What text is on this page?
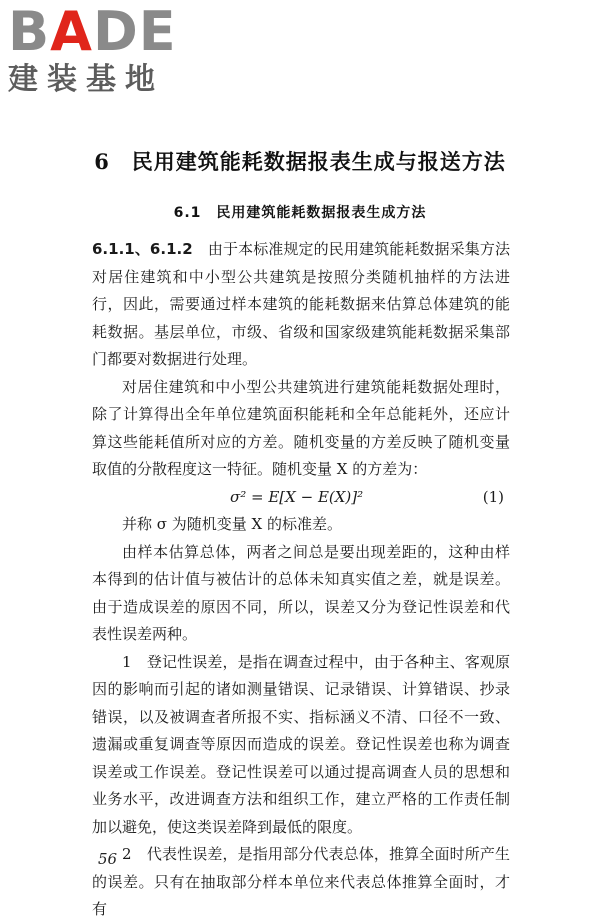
BADE
建装基地
6　民用建筑能耗数据报表生成与报送方法
6.1　民用建筑能耗数据报表生成方法

6.1.1、6.1.2　由于本标准规定的民用建筑能耗数据采集方法对居住建筑和中小型公共建筑是按照分类随机抽样的方法进行，因此，需要通过样本建筑的能耗数据来估算总体建筑的能耗数据。基层单位，市级、省级和国家级建筑能耗数据采集部门都要对数据进行处理。

对居住建筑和中小型公共建筑进行建筑能耗数据处理时，除了计算得出全年单位建筑面积能耗和全年总能耗外，还应计算这些能耗值所对应的方差。随机变量的方差反映了随机变量取值的分散程度这一特征。随机变量 X 的方差为：

σ² = E[X − E(X)]²	(1)

并称 σ 为随机变量 X 的标准差。

由样本估算总体，两者之间总是要出现差距的，这种由样本得到的估计值与被估计的总体未知真实值之差，就是误差。由于造成误差的原因不同，所以，误差又分为登记性误差和代表性误差两种。

1　登记性误差，是指在调查过程中，由于各种主、客观原因的影响而引起的诸如测量错误、记录错误、计算错误、抄录错误，以及被调查者所报不实、指标涵义不清、口径不一致、遗漏或重复调查等原因而造成的误差。登记性误差也称为调查误差或工作误差。登记性误差可以通过提高调查人员的思想和业务水平，改进调查方法和组织工作，建立严格的工作责任制加以避免，使这类误差降到最低的限度。

2　代表性误差，是指用部分代表总体，推算全面时所产生的误差。只有在抽取部分样本单位来代表总体推算全面时，才有

56
